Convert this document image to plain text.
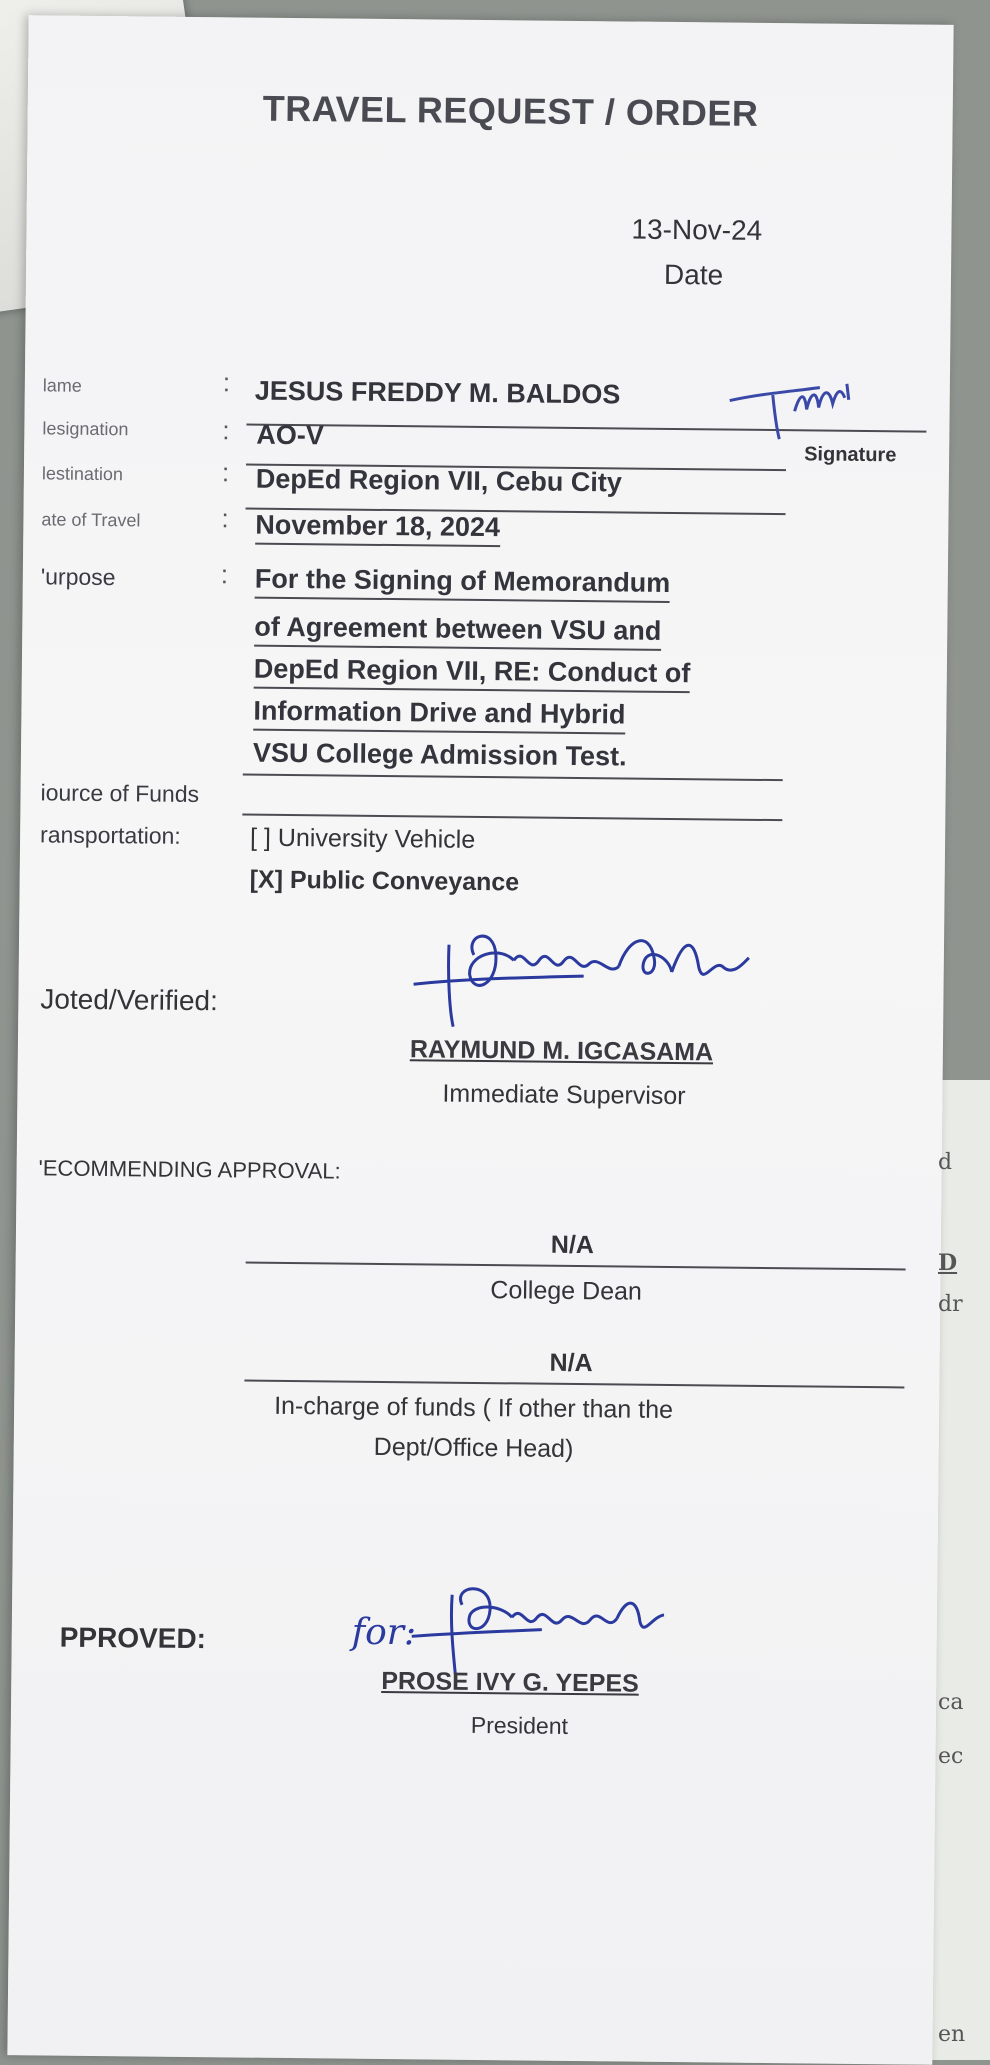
TRAVEL REQUEST / ORDER
13-Nov-24
Date
lame	: JESUS FREDDY M. BALDOS
Signature
lesignation	: AO-V
lestination	: DepEd Region VII, Cebu City
ate of Travel	: November 18, 2024
'urpose	: For the Signing of Memorandum
of Agreement between VSU and
DepEd Region VII, RE: Conduct of
Information Drive and Hybrid
VSU College Admission Test.
iource of Funds
ransportation:	[ ] University Vehicle
[X] Public Conveyance
Joted/Verified:
RAYMUND M. IGCASAMA
Immediate Supervisor
'ECOMMENDING APPROVAL:
N/A
College Dean
N/A
In-charge of funds ( If other than the
Dept/Office Head)
PPROVED:	for:
PROSE IVY G. YEPES
President
d
D
dr
ca
ec
en
